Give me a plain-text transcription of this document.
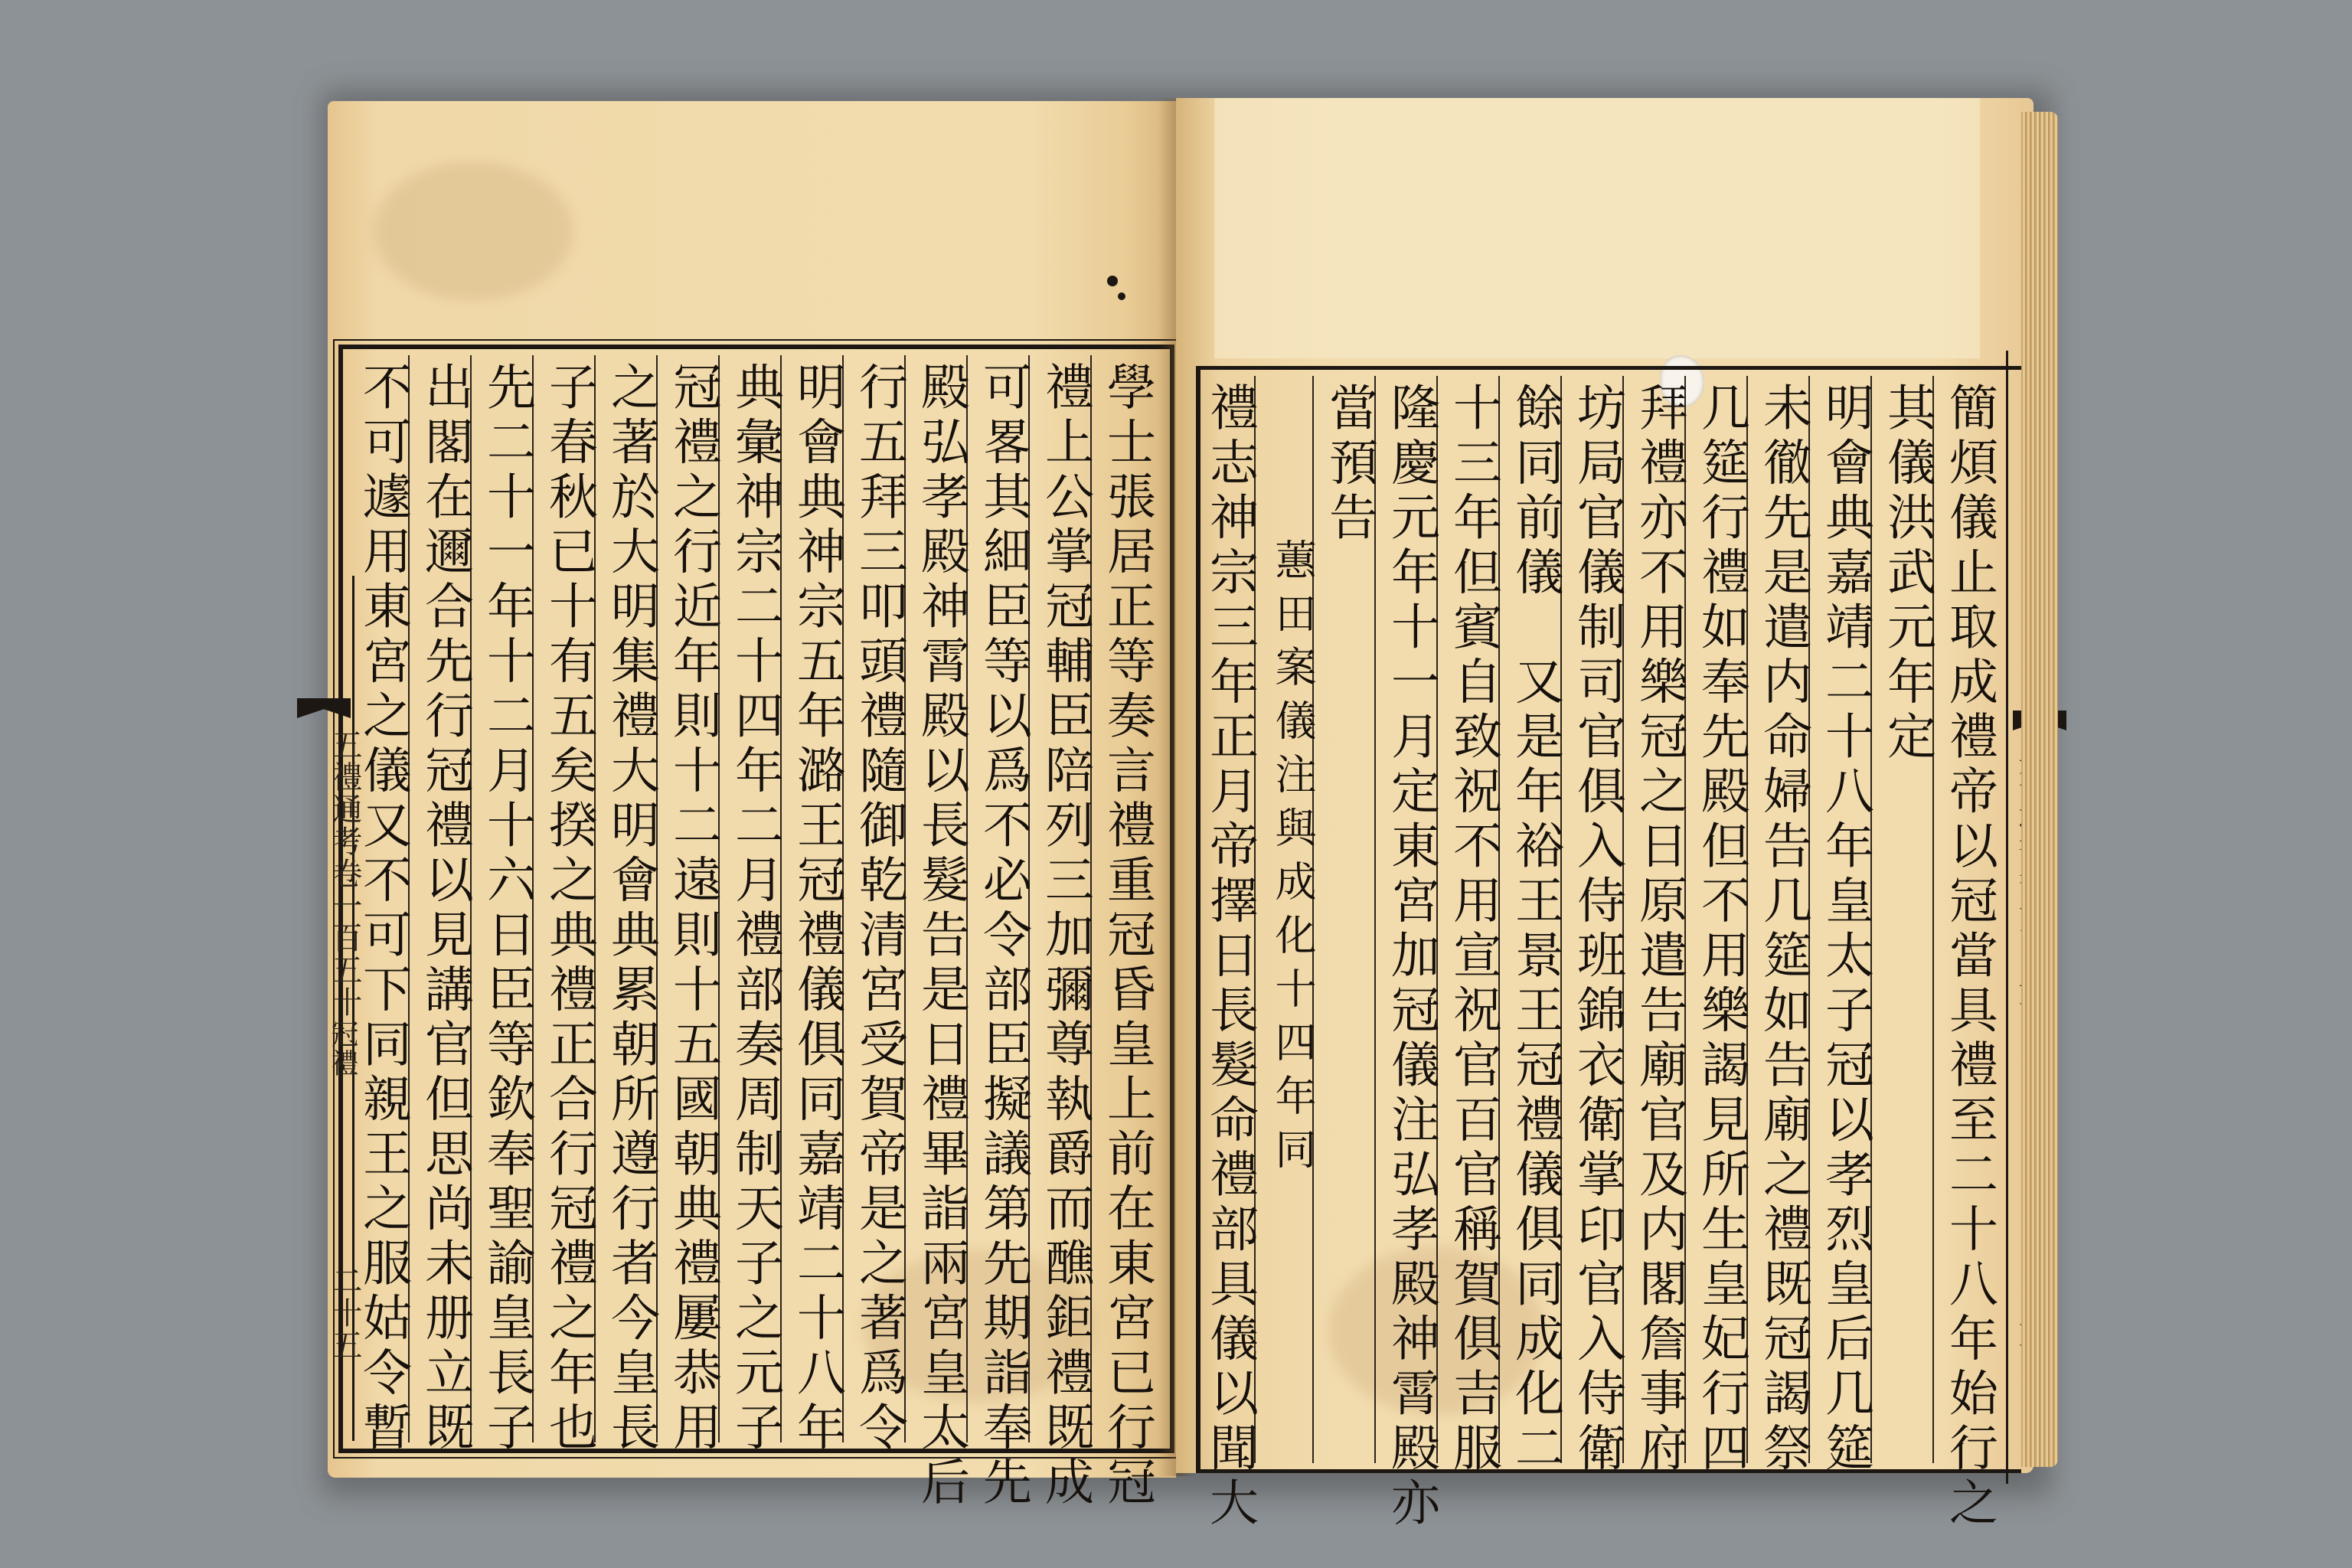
學士張居正等奏言禮重冠昏皇上前在東宮已行冠
禮上公掌冠輔臣陪列三加彌尊執爵而醮鉅禮既成
可畧其細臣等以爲不必令部臣擬議第先期詣奉先
殿弘孝殿神霄殿以長髮告是日禮畢詣兩宮皇太后
行五拜三叩頭禮隨御乾清宮受賀帝是之著爲令
明會典神宗五年潞王冠禮儀俱同嘉靖二十八年
典彙神宗二十四年二月禮部奏周制天子之元子
冠禮之行近年則十二遠則十五國朝典禮屢恭用
之著於大明集禮大明會典累朝所遵行者今皇長
子春秋已十有五矣揆之典禮正合行冠禮之年也
先二十一年十二月十六日臣等欽奉聖諭皇長子
出閣在邇合先行冠禮以見講官但思尚未册立既
不可遽用東宮之儀又不可下同親王之服姑令暫
五禮通考卷一百五十
冠禮
二十五	簡煩儀止取成禮帝以冠當具禮至二十八年始行之
其儀洪武元年定
明會典嘉靖二十八年皇太子冠以孝烈皇后几筵
未徹先是遣内命婦告几筵如告廟之禮既冠謁祭
几筵行禮如奉先殿但不用樂謁見所生皇妃行四
拜禮亦不用樂冠之日原遣告廟官及内閣詹事府
坊局官儀制司官俱入侍班錦衣衛掌印官入侍衛
餘同前儀　又是年裕王景王冠禮儀俱同成化二
十三年但賓自致祝不用宣祝官百官稱賀俱吉服
隆慶元年十一月定東宮加冠儀注弘孝殿神霄殿亦
當預告
蕙田案儀注與成化十四年同
禮志神宗三年正月帝擇日長髮命禮部具儀以聞大
